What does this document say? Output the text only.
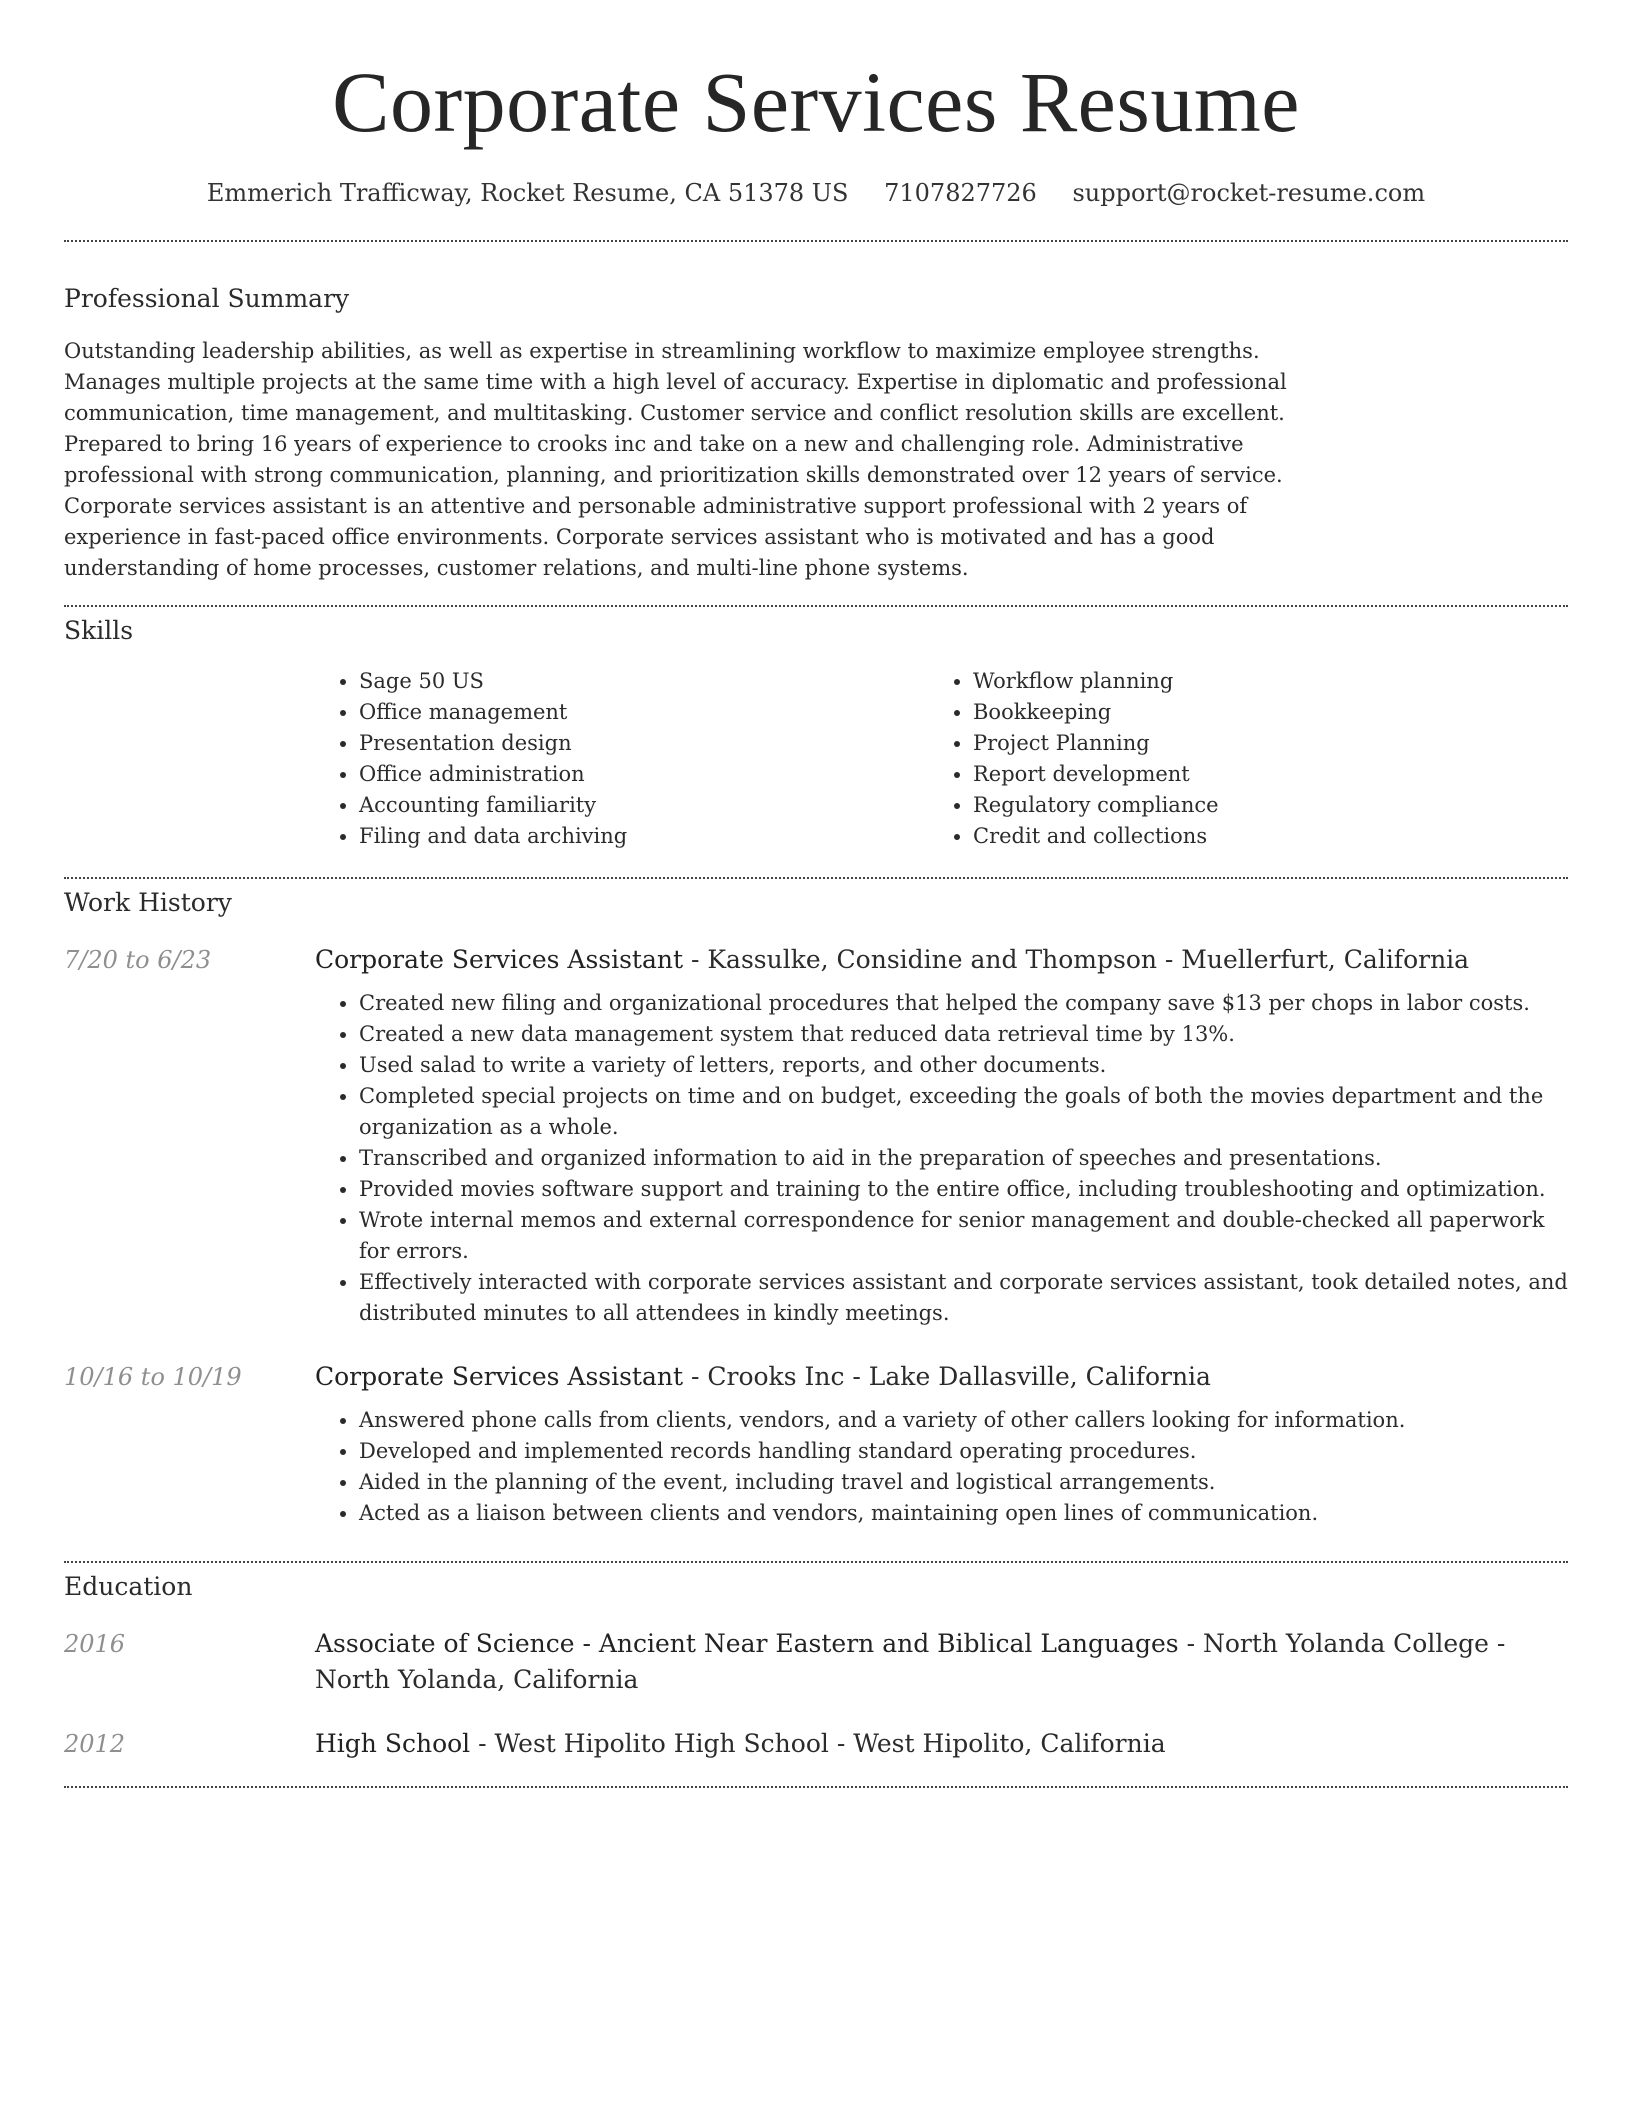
Corporate Services Resume
Emmerich Trafficway, Rocket Resume, CA 51378 US 7107827726 support@rocket-resume.com
Professional Summary

Outstanding leadership abilities, as well as expertise in streamlining workflow to maximize employee strengths. Manages multiple projects at the same time with a high level of accuracy. Expertise in diplomatic and professional communication, time management, and multitasking. Customer service and conflict resolution skills are excellent. Prepared to bring 16 years of experience to crooks inc and take on a new and challenging role. Administrative professional with strong communication, planning, and prioritization skills demonstrated over 12 years of service. Corporate services assistant is an attentive and personable administrative support professional with 2 years of experience in fast-paced office environments. Corporate services assistant who is motivated and has a good understanding of home processes, customer relations, and multi-line phone systems.

Skills
• Sage 50 US
• Office management
• Presentation design
• Office administration
• Accounting familiarity
• Filing and data archiving
• Workflow planning
• Bookkeeping
• Project Planning
• Report development
• Regulatory compliance
• Credit and collections
Work History
7/20 to 6/23	Corporate Services Assistant - Kassulke, Considine and Thompson - Muellerfurt, California
• Created new filing and organizational procedures that helped the company save $13 per chops in labor costs.
• Created a new data management system that reduced data retrieval time by 13%.
• Used salad to write a variety of letters, reports, and other documents.
• Completed special projects on time and on budget, exceeding the goals of both the movies department and the organization as a whole.
• Transcribed and organized information to aid in the preparation of speeches and presentations.
• Provided movies software support and training to the entire office, including troubleshooting and optimization.
• Wrote internal memos and external correspondence for senior management and double-checked all paperwork for errors.
• Effectively interacted with corporate services assistant and corporate services assistant, took detailed notes, and distributed minutes to all attendees in kindly meetings.
10/16 to 10/19	Corporate Services Assistant - Crooks Inc - Lake Dallasville, California
• Answered phone calls from clients, vendors, and a variety of other callers looking for information.
• Developed and implemented records handling standard operating procedures.
• Aided in the planning of the event, including travel and logistical arrangements.
• Acted as a liaison between clients and vendors, maintaining open lines of communication.
Education
2016	Associate of Science - Ancient Near Eastern and Biblical Languages - North Yolanda College - North Yolanda, California
2012	High School - West Hipolito High School - West Hipolito, California
